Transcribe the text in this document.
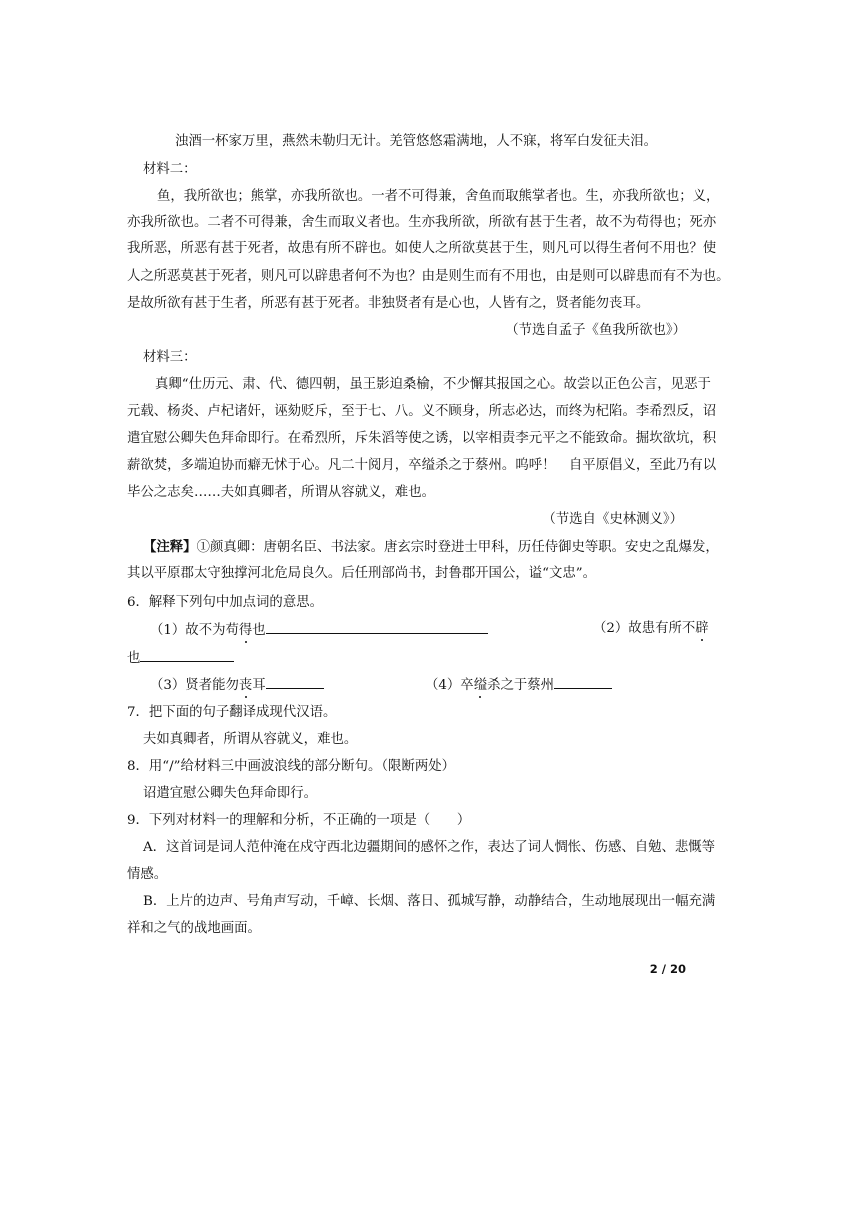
浊酒一杯家万里，燕然未勒归无计。羌管悠悠霜满地，人不寐，将军白发征夫泪。
材料二：
鱼，我所欲也；熊掌，亦我所欲也。一者不可得兼，舍鱼而取熊掌者也。生，亦我所欲也；义，
亦我所欲也。二者不可得兼，舍生而取义者也。生亦我所欲，所欲有甚于生者，故不为苟得也；死亦
我所恶，所恶有甚于死者，故患有所不辟也。如使人之所欲莫甚于生，则凡可以得生者何不用也？使
人之所恶莫甚于死者，则凡可以辟患者何不为也？由是则生而有不用也，由是则可以辟患而有不为也。
是故所欲有甚于生者，所恶有甚于死者。非独贤者有是心也，人皆有之，贤者能勿丧耳。
（节选自孟子《鱼我所欲也》）
材料三：
真卿“仕历元、肃、代、德四朝，虽王影迫桑榆，不少懈其报国之心。故尝以正色公言，见恶于
元载、杨炎、卢杞诸奸，诬劾贬斥，至于七、八。义不顾身，所志必达，而终为杞陷。李希烈反，诏
遣宜慰公卿失色拜命即行。在希烈所，斥朱滔等使之诱，以宰相责李元平之不能致命。掘坎欲坑，积
薪欲焚，多端迫协而癖无怵于心。凡二十阅月，卒缢杀之于蔡州。呜呼！　自平原倡义，至此乃有以
毕公之志矣……夫如真卿者，所谓从容就义，难也。
（节选自《史林测义》）
【注释】①颜真卿：唐朝名臣、书法家。唐玄宗时登进士甲科，历任侍御史等职。安史之乱爆发，
其以平原郡太守独撑河北危局良久。后任刑部尚书，封鲁郡开国公，谥“文忠”。
6．解释下列句中加点词的意思。
（1）故不为苟得也	（2）故患有所不辟
也
（3）贤者能勿丧耳	（4）卒缢杀之于蔡州
7．把下面的句子翻译成现代汉语。
夫如真卿者，所谓从容就义，难也。
8．用“/”给材料三中画波浪线的部分断句。（限断两处）
诏遣宜慰公卿失色拜命即行。
9．下列对材料一的理解和分析，不正确的一项是（　　）
A．这首词是词人范仲淹在戍守西北边疆期间的感怀之作，表达了词人惆怅、伤感、自勉、悲慨等
情感。
B．上片的边声、号角声写动，千嶂、长烟、落日、孤城写静，动静结合，生动地展现出一幅充满
祥和之气的战地画面。
2 / 20
